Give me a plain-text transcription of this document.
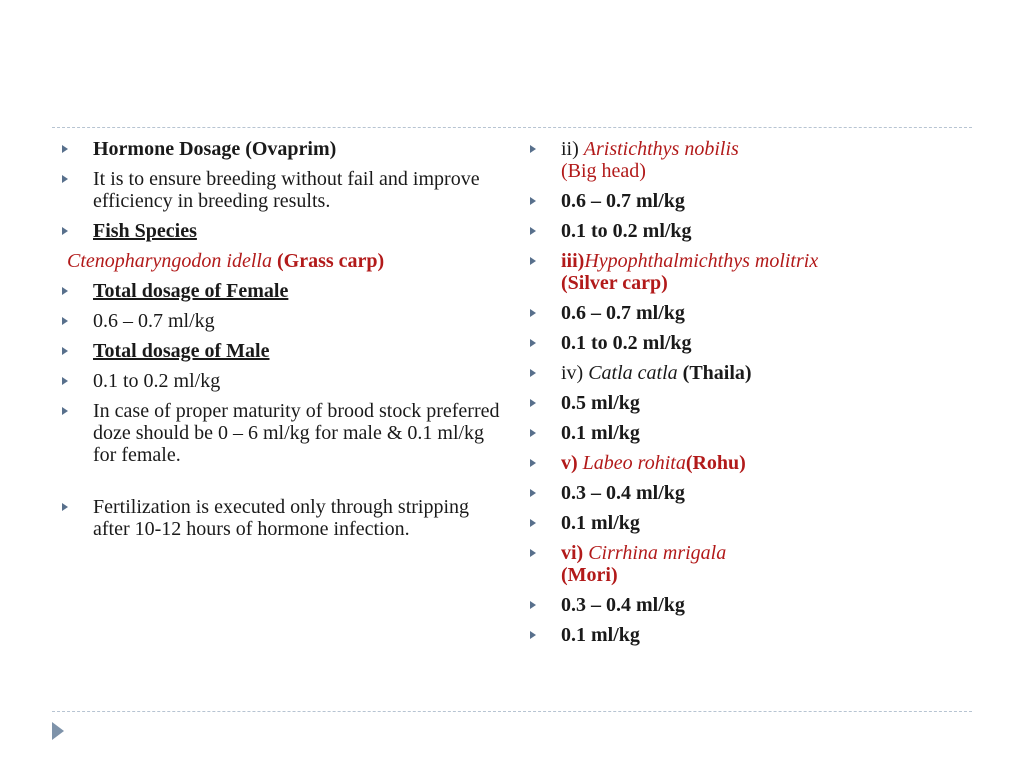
Hormone Dosage (Ovaprim)
It is to ensure breeding without fail and improve efficiency in breeding results.
Fish Species
Ctenopharyngodon idella (Grass carp)
Total dosage of Female
0.6 – 0.7 ml/kg
Total dosage of Male
0.1 to 0.2 ml/kg
In case of proper maturity of brood stock preferred doze should be 0 – 6 ml/kg for male & 0.1 ml/kg for female.
Fertilization is executed only through stripping after 10-12 hours of hormone infection.
ii) Aristichthys nobilis
(Big head)
0.6 – 0.7 ml/kg
0.1 to 0.2 ml/kg
iii)Hypophthalmichthys molitrix (Silver carp)
0.6 – 0.7 ml/kg
0.1 to 0.2 ml/kg
iv) Catla catla (Thaila)
0.5 ml/kg
0.1 ml/kg
v) Labeo rohita(Rohu)
0.3 – 0.4 ml/kg
0.1 ml/kg
vi) Cirrhina mrigala
(Mori)
0.3 – 0.4 ml/kg
0.1 ml/kg
